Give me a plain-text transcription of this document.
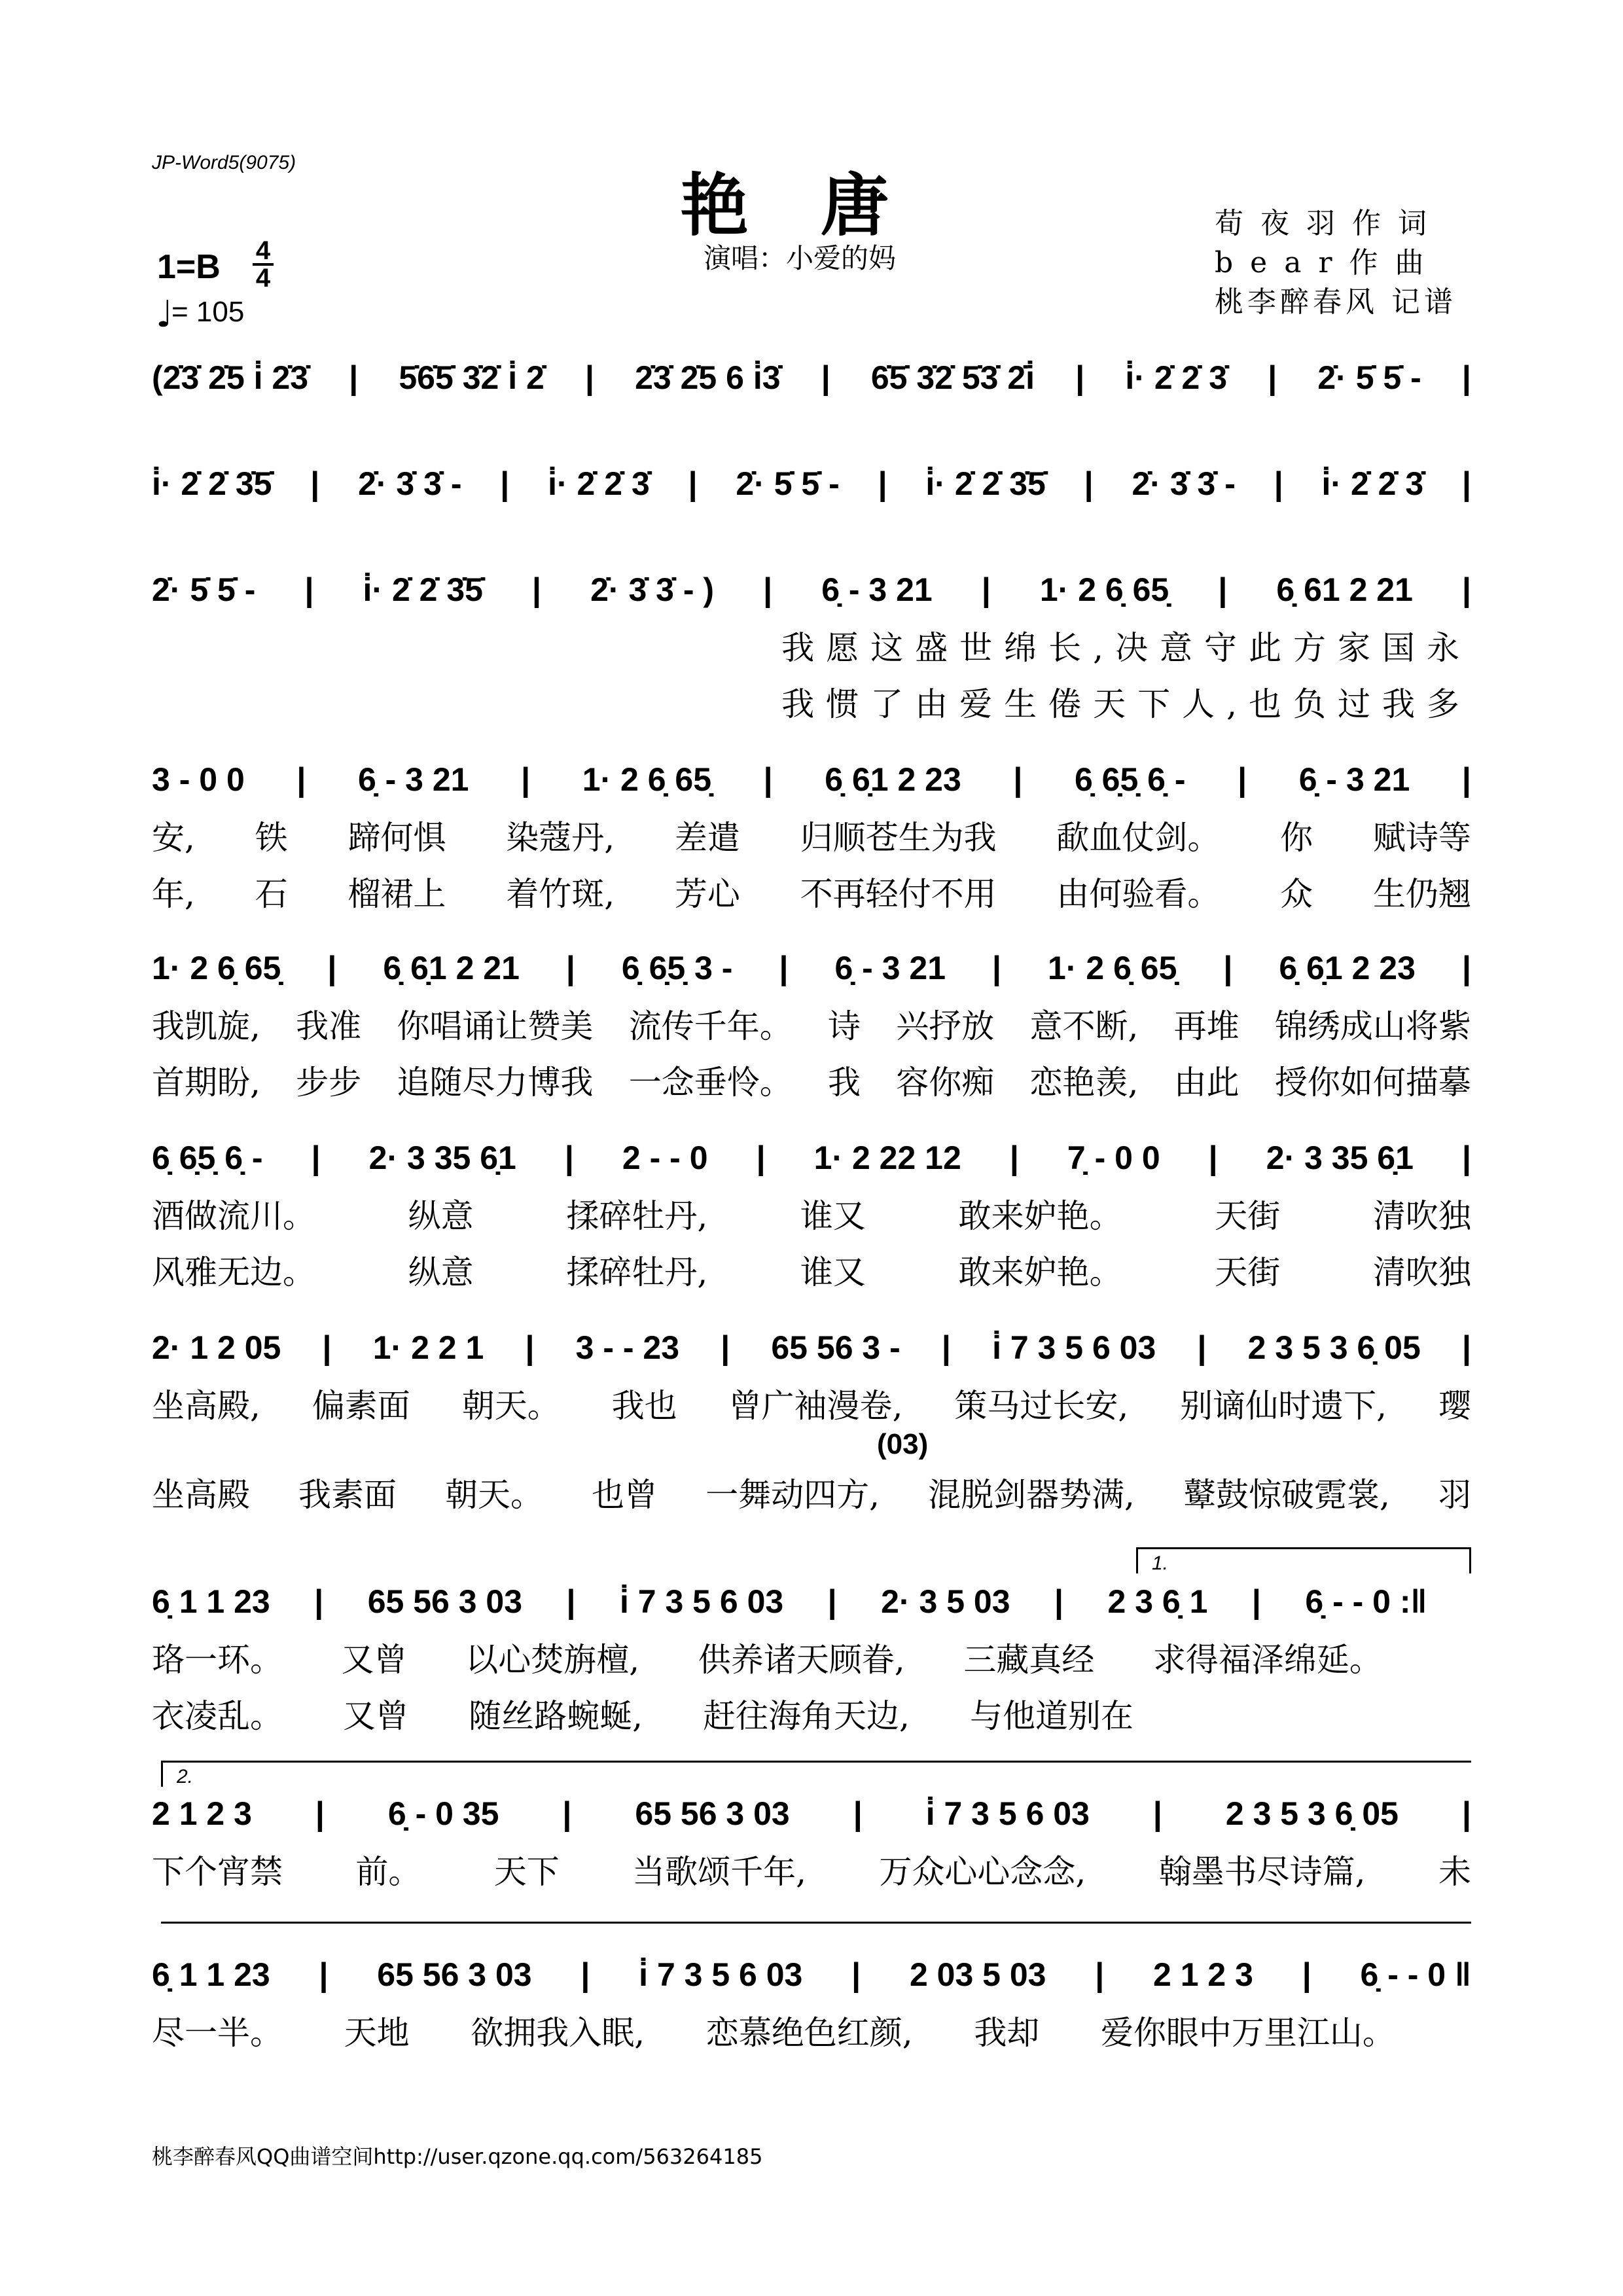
JP-Word5(9075)
艳唐
演唱：小爱的妈
荀夜羽作词
bear作曲
桃李醉春风 记谱
1=B 4
4
♩
= 105
(2̇3̇ 2̇5 i̇ 2̇3̇ | 5̇6̇5̇ 3̇2̇ i̇ 2̇ | 2̇3̇ 2̇5 6 i̇3̇ | 6̇5̇ 3̇2̇ 5̇3̇ 2̇i̇ | i̇· 2̇ 2̇ 3̇ | 2̇· 5̇ 5̇ - |
i̇· 2̇ 2̇ 3̇5̇ | 2̇· 3̇ 3̇ - | i̇· 2̇ 2̇ 3̇ | 2̇· 5̇ 5̇ - | i̇· 2̇ 2̇ 3̇5̇ | 2̇· 3̇ 3̇ - | i̇· 2̇ 2̇ 3̇ |
2̇· 5̇ 5̇ - | i̇· 2̇ 2̇ 3̇5̇ | 2̇· 3̇ 3̇ - ) | 6̣ - 3 21 | 1· 2 6̣ 65̣ | 6̣ 61 2 21 |
我愿这盛世绵长,决意守此方家国永
我惯了由爱生倦天下人,也负过我多
3 - 0 0 | 6̣ - 3 21 | 1· 2 6̣ 65̣ | 6̣ 6̣1 2 23 | 6̣ 6̣5̣ 6̣ - | 6̣ - 3 21 |
安, 铁 蹄何惧 染蔻丹, 差遣 归顺苍生为我 歃血仗剑。 你 赋诗等
年, 石 榴裙上 着竹斑, 芳心 不再轻付不用 由何验看。 众 生仍翘
1· 2 6̣ 65̣ | 6̣ 6̣1 2 21 | 6̣ 6̣5̣ 3 - | 6̣ - 3 21 | 1· 2 6̣ 65̣ | 6̣ 6̣1 2 23 |
我凯旋, 我准 你唱诵让赞美 流传千年。 诗 兴抒放 意不断, 再堆 锦绣成山将紫
首期盼, 步步 追随尽力博我 一念垂怜。 我 容你痴 恋艳羡, 由此 授你如何描摹
6̣ 6̣5̣ 6̣ - | 2· 3 35 6̣1 | 2 - - 0 | 1· 2 22 12 | 7̣ - 0 0 | 2· 3 35 6̣1 |
酒做流川。	纵意	揉碎牡丹,	谁又	敢来妒艳。	天街	清吹独
风雅无边。	纵意	揉碎牡丹,	谁又	敢来妒艳。	天街	清吹独
2· 1 2 05 | 1· 2 2 1 | 3 - - 23 | 65 56 3 - | i̇ 7 3 5 6 03 | 2 3 5 3 6̣ 05 |
坐高殿, 偏素面 朝天。 我也 曾广袖漫卷, 策马过长安, 别谪仙时遗下, 璎
坐高殿 我素面 朝天。 也曾 一舞动四方, 混脱剑器势满, 鼙鼓惊破霓裳, 羽
(03)
1.
6̣ 1 1 23 | 65 56 3 03 | i̇ 7 3 5 6 03 | 2· 3 5 03 | 2 3 6̣ 1 | 6̣ - - 0 :‖
珞一环。 又曾 以心焚旃檀, 供养诸天顾眷, 三藏真经 求得福泽绵延。
衣凌乱。 又曾 随丝路蜿蜒, 赶往海角天边, 与他道别在
2.
2 1 2 3 | 6̣ - 0 35 | 65 56 3 03 | i̇ 7 3 5 6 03 | 2 3 5 3 6̣ 05 |
下个宵禁 前。 天下 当歌颂千年, 万众心心念念, 翰墨书尽诗篇, 未
6̣ 1 1 23 | 65 56 3 03 | i̇ 7 3 5 6 03 | 2 03 5 03 | 2 1 2 3 | 6̣ - - 0 ‖
尽一半。 天地 欲拥我入眠, 恋慕绝色红颜, 我却 爱你眼中万里江山。
桃李醉春风QQ曲谱空间http://user.qzone.qq.com/563264185
